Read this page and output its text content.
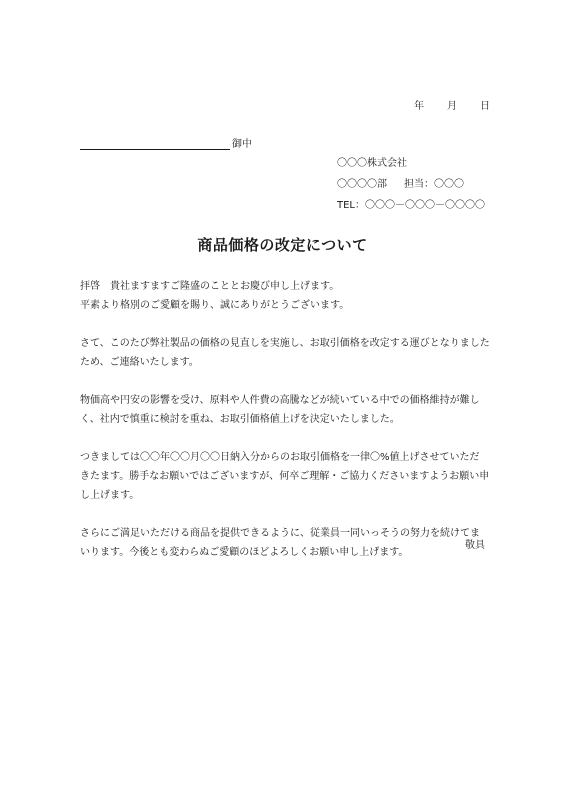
年 月 日
御中
〇〇〇株式会社
〇〇〇〇部 担当：〇〇〇
TEL：〇〇〇－〇〇〇－〇〇〇〇
商品価格の改定について

拝啓　貴社ますますご隆盛のこととお慶び申し上げます。

平素より格別のご愛顧を賜り、誠にありがとうございます。

さて、このたび弊社製品の価格の見直しを実施し、お取引価格を改定する運びとなりました

ため、ご連絡いたします。

物価高や円安の影響を受け、原料や人件費の高騰などが続いている中での価格維持が難し

く、社内で慎重に検討を重ね、お取引価格値上げを決定いたしました。

つきましては〇〇年〇〇月〇〇日納入分からのお取引価格を一律〇%値上げさせていただ

きたます。勝手なお願いではございますが、何卒ご理解・ご協力くださいますようお願い申

し上げます。

さらにご満足いただける商品を提供できるように、従業員一同いっそうの努力を続けてま

いります。今後とも変わらぬご愛顧のほどよろしくお願い申し上げます。

敬具
